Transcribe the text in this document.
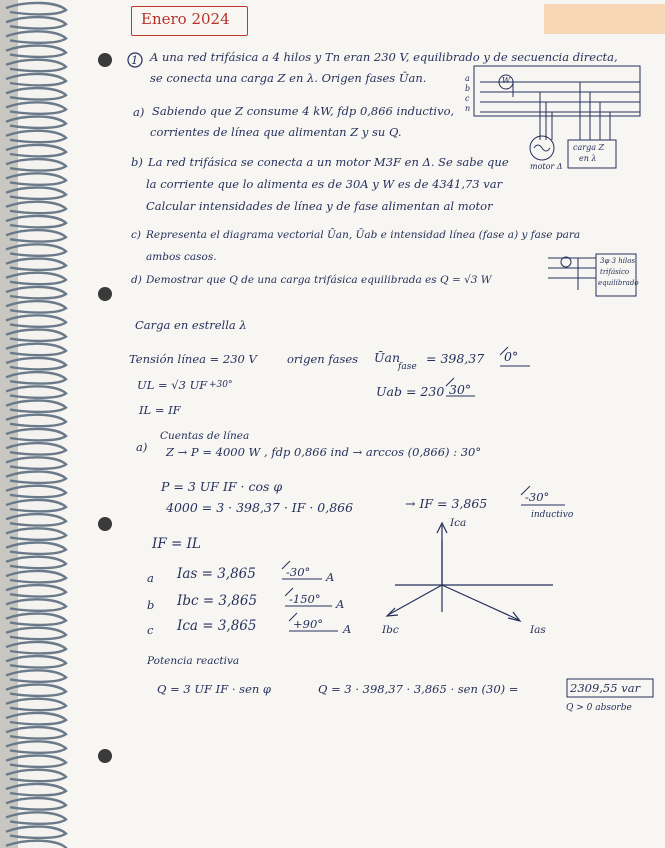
Enero 2024
1 A una red trifásica a 4 hilos y Tn eran 230 V, equilibrado y de secuencia directa,
se conecta una carga Z en λ. Origen fases Ūan.
a) Sabiendo que Z consume 4 kW, fdp 0,866 inductivo,
corrientes de línea que alimentan Z y su Q.
b) La red trifásica se conecta a un motor M3F en Δ. Se sabe que
la corriente que lo alimenta es de 30A y W es de 4341,73 var
Calcular intensidades de línea y de fase alimentan al motor
c) Representa el diagrama vectorial Ūan, Ūab e intensidad línea (fase a) y fase para
ambos casos.
d) Demostrar que Q de una carga trifásica equilibrada es Q = √3 W
a
b
c
n
W
motor Δ
carga Z
en λ
3φ 3 hilos
trifásico
equilibrado
Carga en estrella λ
Tensión línea = 230 V	origen fases Ūan
fase
= 398,37 0°
UL = √3 UF +30°	Uab = 230 30°
IL = IF
a)
Cuentas de línea
Z → P = 4000 W , fdp 0,866 ind → arccos (0,866) : 30°
P = 3 UF IF · cos φ
4000 = 3 · 398,37 · IF · 0,866	→ IF = 3,865	-30°
inductivo
IF = IL
a Ias = 3,865	-30° A
b Ibc = 3,865	-150° A
c Ica = 3,865	+90° A
Ica
Ibc	Ias
Potencia reactiva
Q = 3 UF IF · sen φ	Q = 3 · 398,37 · 3,865 · sen (30) =	2309,55 var
Q > 0 absorbe
